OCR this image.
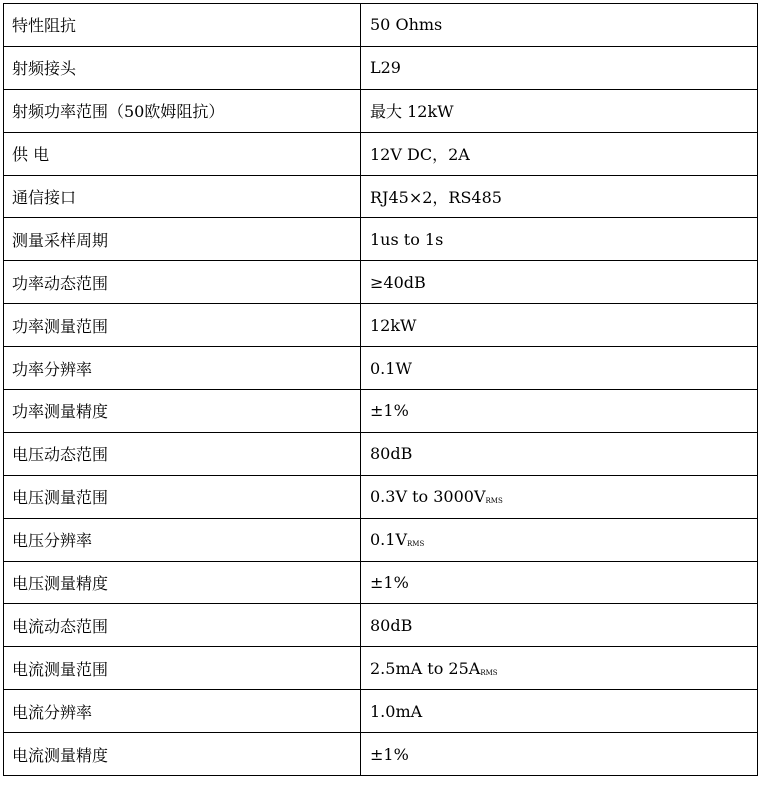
特性阻抗	50 Ohms
射频接头	L29
射频功率范围（50欧姆阻抗）	最大 12kW
供 电	12V DC，2A
通信接口	RJ45×2，RS485
测量采样周期	1us to 1s
功率动态范围	≥40dB
功率测量范围	12kW
功率分辨率	0.1W
功率测量精度	±1%
电压动态范围	80dB
电压测量范围	0.3V to 3000VRMS
电压分辨率	0.1VRMS
电压测量精度	±1%
电流动态范围	80dB
电流测量范围	2.5mA to 25ARMS
电流分辨率	1.0mA
电流测量精度	±1%
